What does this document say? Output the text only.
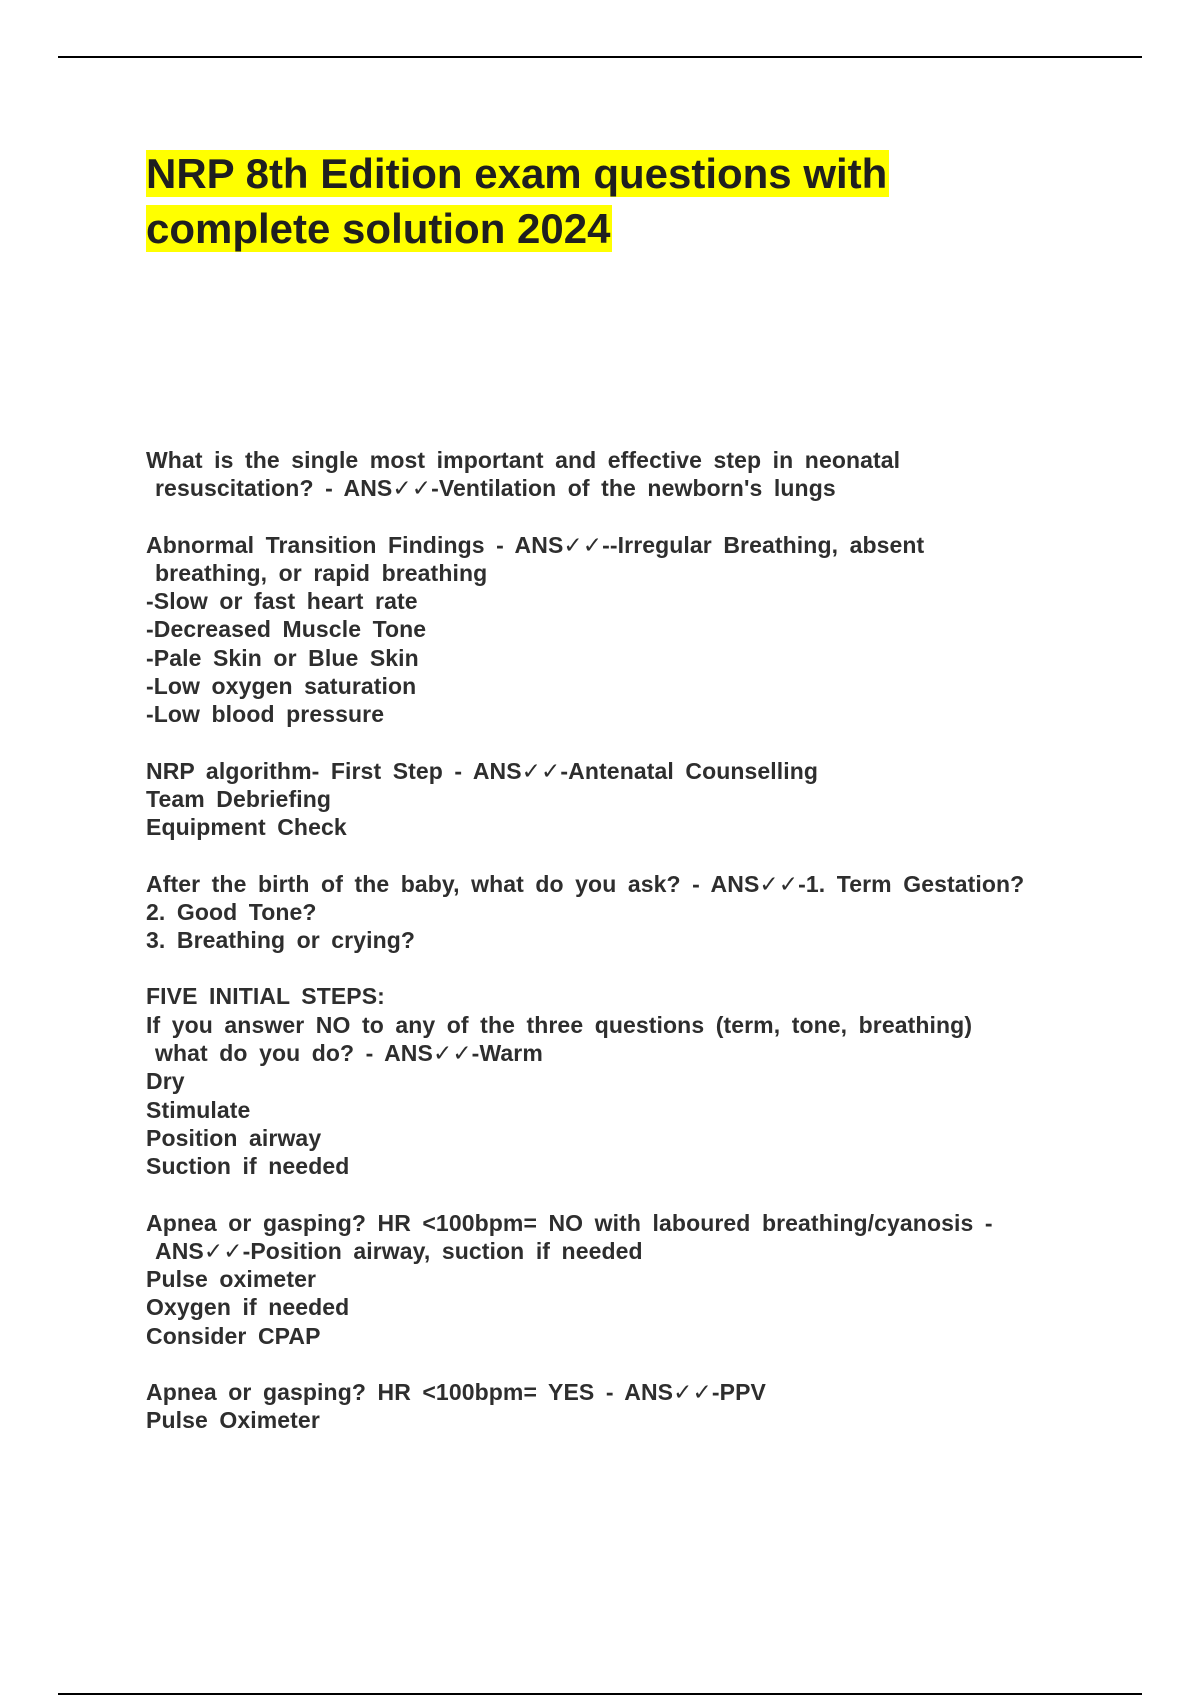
NRP 8th Edition exam questions with
complete solution 2024
What is the single most important and effective step in neonatal
resuscitation? - ANS✓✓-Ventilation of the newborn's lungs
Abnormal Transition Findings - ANS✓✓--Irregular Breathing, absent
breathing, or rapid breathing
-Slow or fast heart rate
-Decreased Muscle Tone
-Pale Skin or Blue Skin
-Low oxygen saturation
-Low blood pressure
NRP algorithm- First Step - ANS✓✓-Antenatal Counselling
Team Debriefing
Equipment Check
After the birth of the baby, what do you ask? - ANS✓✓-1. Term Gestation?
2. Good Tone?
3. Breathing or crying?
FIVE INITIAL STEPS:
If you answer NO to any of the three questions (term, tone, breathing)
what do you do? - ANS✓✓-Warm
Dry
Stimulate
Position airway
Suction if needed
Apnea or gasping? HR <100bpm= NO with laboured breathing/cyanosis -
ANS✓✓-Position airway, suction if needed
Pulse oximeter
Oxygen if needed
Consider CPAP
Apnea or gasping? HR <100bpm= YES - ANS✓✓-PPV
Pulse Oximeter
